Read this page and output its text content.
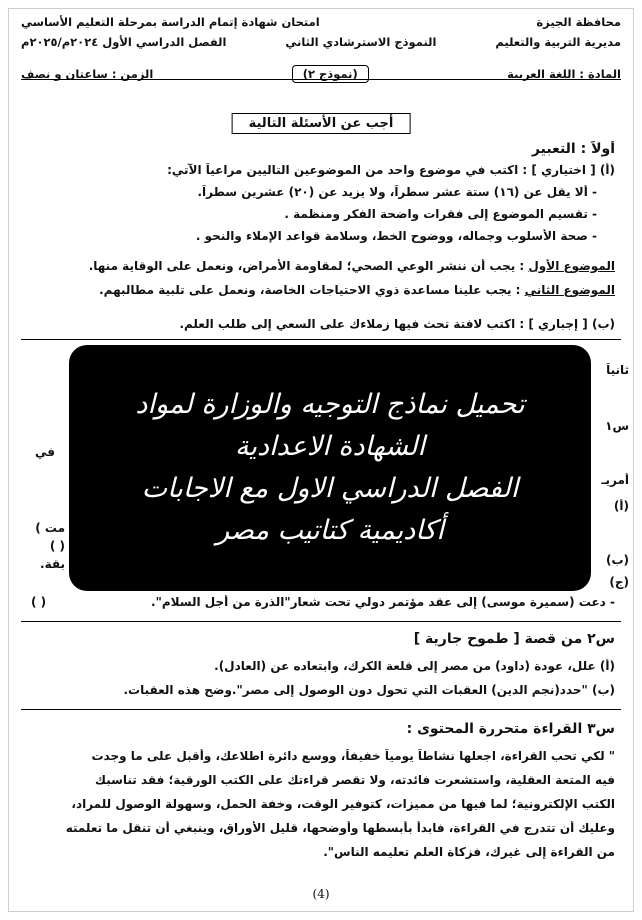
محافظة الجيزة
امتحان شهادة إتمام الدراسة بمرحلة التعليم الأساسي
مديرية التربية والتعليم
النموذج الاسترشادي الثاني
الفصل الدراسي الأول ٢٠٢٤م/٢٠٢٥م
المادة : اللغة العربية
(نموذج ٢)
الزمن : ساعتان و نصف
أجب عن الأسئلة التالية
أولاً : التعبير
(أ) [ اختياري ] : اكتب في موضوع واحد من الموضوعين التاليين مراعياً الآتي:
- ألا يقل عن (١٦) ستة عشر سطراً، ولا يزيد عن (٢٠) عشرين سطراً.
- تقسيم الموضوع إلى فقرات واضحة الفكر ومنظمة .
- صحة الأسلوب وجماله، ووضوح الخط، وسلامة قواعد الإملاء والنحو .
الموضوع الأول : يجب أن ننشر الوعي الصحي؛ لمقاومة الأمراض، ونعمل على الوقاية منها.
الموضوع الثاني : يجب علينا مساعدة ذوي الاحتياجات الخاصة، ونعمل على تلبية مطالبهم.
(ب) [ إجباري ] : اكتب لافتة تحث فيها زملاءك على السعي إلى طلب العلم.
ثانياً
س١
في
أمريـ
(أ)
مت )
( )
(ب)
بقة.
(ج)
تحميل نماذج التوجيه والوزارة لمواد
الشهادة الاعدادية
الفصل الدراسي الاول مع الاجابات
أكاديمية كتاتيب مصر
- دعت (سميرة موسى) إلى عقد مؤتمر دولي تحت شعار"الذرة من أجل السلام".
( )
س٢ من قصة [ طموح جارية ]
(أ) علل، عودة (داود) من مصر إلى قلعة الكرك، وابتعاده عن (العادل).
(ب) "حدد(نجم الدين) العقبات التي تحول دون الوصول إلى مصر".وضح هذه العقبات.
س٣ القراءة متحررة المحتوى :
" لكي تحب القراءة، اجعلها نشاطاً يومياً خفيفاً، ووسع دائرة اطلاعك، وأقبل على ما وجدت
فيه المتعة العقلية، واستشعرت فائدته، ولا تقصر قراءتك على الكتب الورقية؛ فقد تناسبك
الكتب الإلكترونية؛ لما فيها من مميزات، كتوفير الوقت، وخفة الحمل، وسهولة الوصول للمراد،
وعليك أن تتدرج في القراءة، فابدأ بأبسطها وأوضحها، قليل الأوراق، وينبغي أن تنقل ما تعلمته
من القراءة إلى غيرك، فزكاة العلم تعليمه الناس".
(4)
